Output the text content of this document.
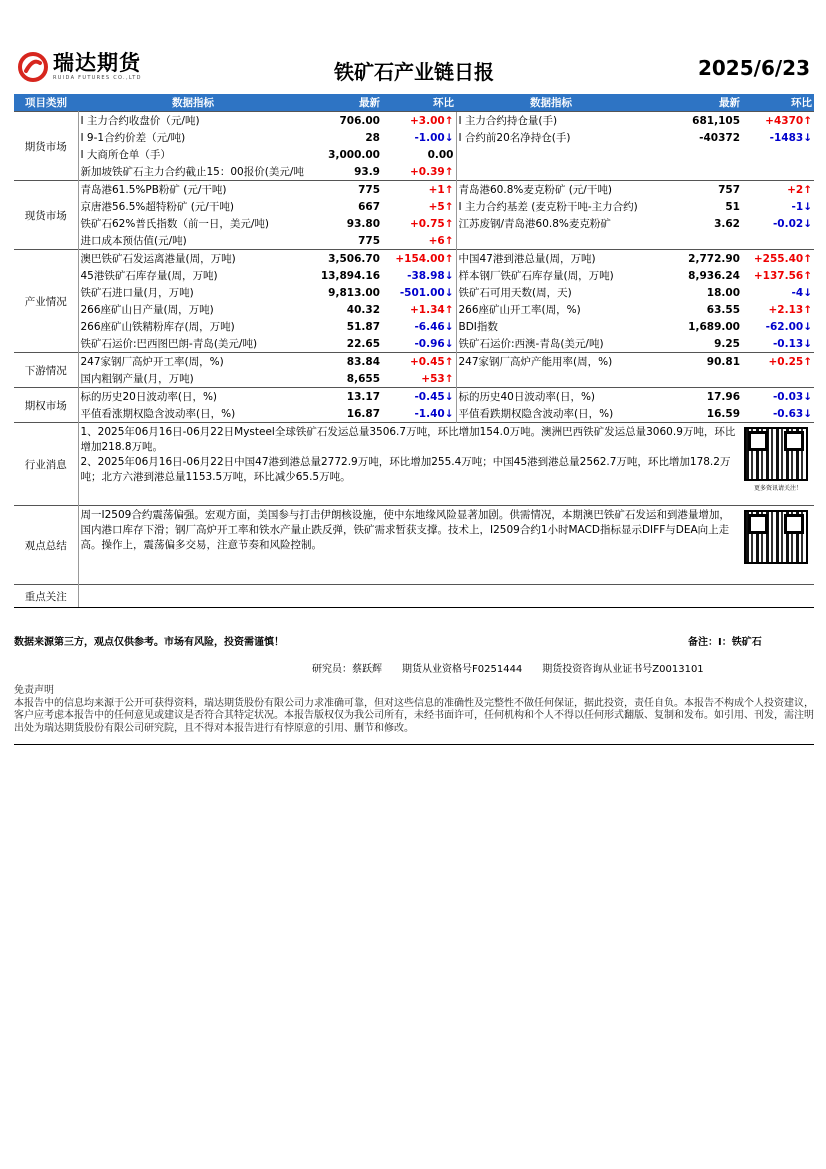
瑞达期货
RUIDA FUTURES CO.,LTD	铁矿石产业链日报	2025/6/23
项目类别	数据指标	最新	环比	数据指标	最新	环比
期货市场	I 主力合约收盘价（元/吨)	706.00	+3.00↑	I 主力合约持仓量(手)	681,105	+4370↑
	I 9-1合约价差（元/吨)	28	-1.00↓	I 合约前20名净持仓(手)	-40372	-1483↓
	I 大商所仓单（手）	3,000.00	0.00			
	新加坡铁矿石主力合约截止15：00报价(美元/吨	93.9	+0.39↑			
现货市场	青岛港61.5%PB粉矿 (元/干吨)	775	+1↑	青岛港60.8%麦克粉矿 (元/干吨)	757	+2↑
	京唐港56.5%超特粉矿 (元/干吨)	667	+5↑	I 主力合约基差 (麦克粉干吨-主力合约)	51	-1↓
	铁矿石62%普氏指数（前一日，美元/吨)	93.80	+0.75↑	江苏废钢/青岛港60.8%麦克粉矿	3.62	-0.02↓
	进口成本预估值(元/吨)	775	+6↑			
产业情况	澳巴铁矿石发运离港量(周，万吨)	3,506.70	+154.00↑	中国47港到港总量(周，万吨)	2,772.90	+255.40↑
	45港铁矿石库存量(周，万吨)	13,894.16	-38.98↓	样本钢厂铁矿石库存量(周，万吨)	8,936.24	+137.56↑
	铁矿石进口量(月，万吨)	9,813.00	-501.00↓	铁矿石可用天数(周，天)	18.00	-4↓
	266座矿山日产量(周，万吨)	40.32	+1.34↑	266座矿山开工率(周，%)	63.55	+2.13↑
	266座矿山铁精粉库存(周，万吨)	51.87	-6.46↓	BDI指数	1,689.00	-62.00↓
	铁矿石运价:巴西图巴朗-青岛(美元/吨)	22.65	-0.96↓	铁矿石运价:西澳-青岛(美元/吨)	9.25	-0.13↓
下游情况	247家钢厂高炉开工率(周，%)	83.84	+0.45↑	247家钢厂高炉产能用率(周，%)	90.81	+0.25↑
	国内粗钢产量(月，万吨)	8,655	+53↑			
期权市场	标的历史20日波动率(日，%)	13.17	-0.45↓	标的历史40日波动率(日，%)	17.96	-0.03↓
	平值看涨期权隐含波动率(日，%)	16.87	-1.40↓	平值看跌期权隐含波动率(日，%)	16.59	-0.63↓
行业消息	1、2025年06月16日-06月22日Mysteel全球铁矿石发运总量3506.7万吨，环比增加154.0万吨。澳洲巴西铁矿发运总量3060.9万吨，环比增加218.8万吨。
2、2025年06月16日-06月22日中国47港到港总量2772.9万吨，环比增加255.4万吨；中国45港到港总量2562.7万吨，环比增加178.2万吨；北方六港到港总量1153.5万吨，环比减少65.5万吨。					更多资讯请关注！

观点总结	周一I2509合约震荡偏强。宏观方面，美国参与打击伊朗核设施，使中东地缘风险显著加剧。供需情况，本期澳巴铁矿石发运和到港量增加，国内港口库存下滑；钢厂高炉开工率和铁水产量止跌反弹，铁矿需求暂获支撑。技术上，I2509合约1小时MACD指标显示DIFF与DEA向上走高。操作上，震荡偏多交易，注意节奏和风险控制。					

重点关注						
数据来源第三方，观点仅供参考。市场有风险，投资需谨慎！	备注：I：铁矿石
研究员：蔡跃辉　　期货从业资格号F0251444　　期货投资咨询从业证书号Z0013101
免责声明
本报告中的信息均来源于公开可获得资料，瑞达期货股份有限公司力求准确可靠，但对这些信息的准确性及完整性不做任何保证，据此投资，责任自负。本报告不构成个人投资建议，客户应考虑本报告中的任何意见或建议是否符合其特定状况。本报告版权仅为我公司所有，未经书面许可，任何机构和个人不得以任何形式翻版、复制和发布。如引用、刊发，需注明出处为瑞达期货股份有限公司研究院，且不得对本报告进行有悖原意的引用、删节和修改。
